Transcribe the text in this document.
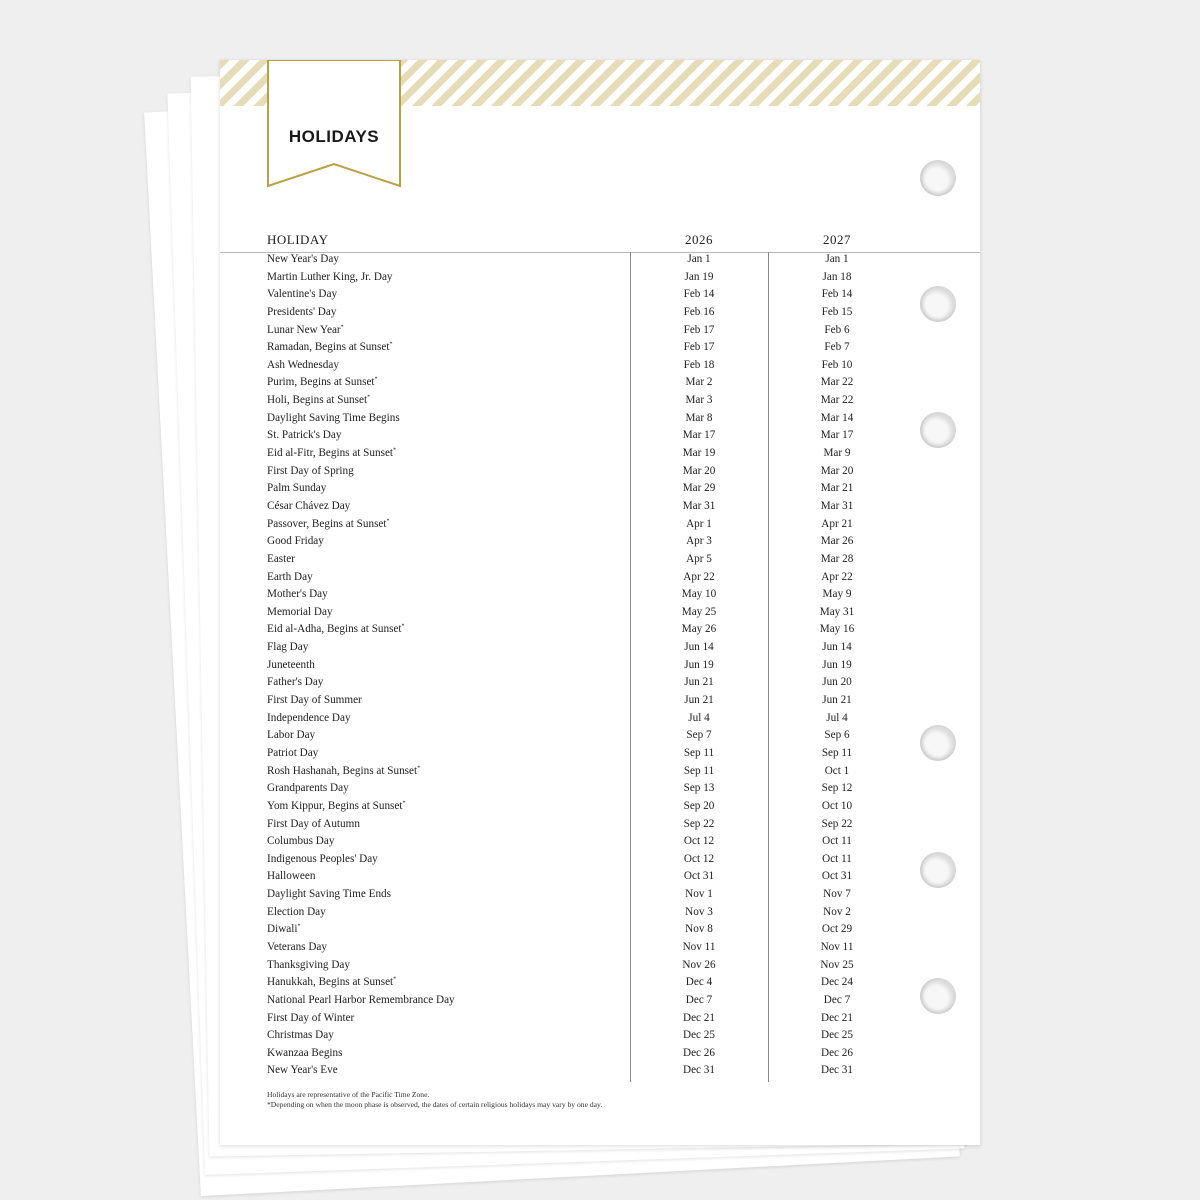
HOLIDAYS
HOLIDAY	2026	2027
New Year's Day	Jan 1	Jan 1
Martin Luther King, Jr. Day	Jan 19	Jan 18
Valentine's Day	Feb 14	Feb 14
Presidents' Day	Feb 16	Feb 15
Lunar New Year*	Feb 17	Feb 6
Ramadan, Begins at Sunset*	Feb 17	Feb 7
Ash Wednesday	Feb 18	Feb 10
Purim, Begins at Sunset*	Mar 2	Mar 22
Holi, Begins at Sunset*	Mar 3	Mar 22
Daylight Saving Time Begins	Mar 8	Mar 14
St. Patrick's Day	Mar 17	Mar 17
Eid al-Fitr, Begins at Sunset*	Mar 19	Mar 9
First Day of Spring	Mar 20	Mar 20
Palm Sunday	Mar 29	Mar 21
César Chávez Day	Mar 31	Mar 31
Passover, Begins at Sunset*	Apr 1	Apr 21
Good Friday	Apr 3	Mar 26
Easter	Apr 5	Mar 28
Earth Day	Apr 22	Apr 22
Mother's Day	May 10	May 9
Memorial Day	May 25	May 31
Eid al-Adha, Begins at Sunset*	May 26	May 16
Flag Day	Jun 14	Jun 14
Juneteenth	Jun 19	Jun 19
Father's Day	Jun 21	Jun 20
First Day of Summer	Jun 21	Jun 21
Independence Day	Jul 4	Jul 4
Labor Day	Sep 7	Sep 6
Patriot Day	Sep 11	Sep 11
Rosh Hashanah, Begins at Sunset*	Sep 11	Oct 1
Grandparents Day	Sep 13	Sep 12
Yom Kippur, Begins at Sunset*	Sep 20	Oct 10
First Day of Autumn	Sep 22	Sep 22
Columbus Day	Oct 12	Oct 11
Indigenous Peoples' Day	Oct 12	Oct 11
Halloween	Oct 31	Oct 31
Daylight Saving Time Ends	Nov 1	Nov 7
Election Day	Nov 3	Nov 2
Diwali*	Nov 8	Oct 29
Veterans Day	Nov 11	Nov 11
Thanksgiving Day	Nov 26	Nov 25
Hanukkah, Begins at Sunset*	Dec 4	Dec 24
National Pearl Harbor Remembrance Day	Dec 7	Dec 7
First Day of Winter	Dec 21	Dec 21
Christmas Day	Dec 25	Dec 25
Kwanzaa Begins	Dec 26	Dec 26
New Year's Eve	Dec 31	Dec 31
Holidays are representative of the Pacific Time Zone.
*Depending on when the moon phase is observed, the dates of certain religious holidays may vary by one day.
